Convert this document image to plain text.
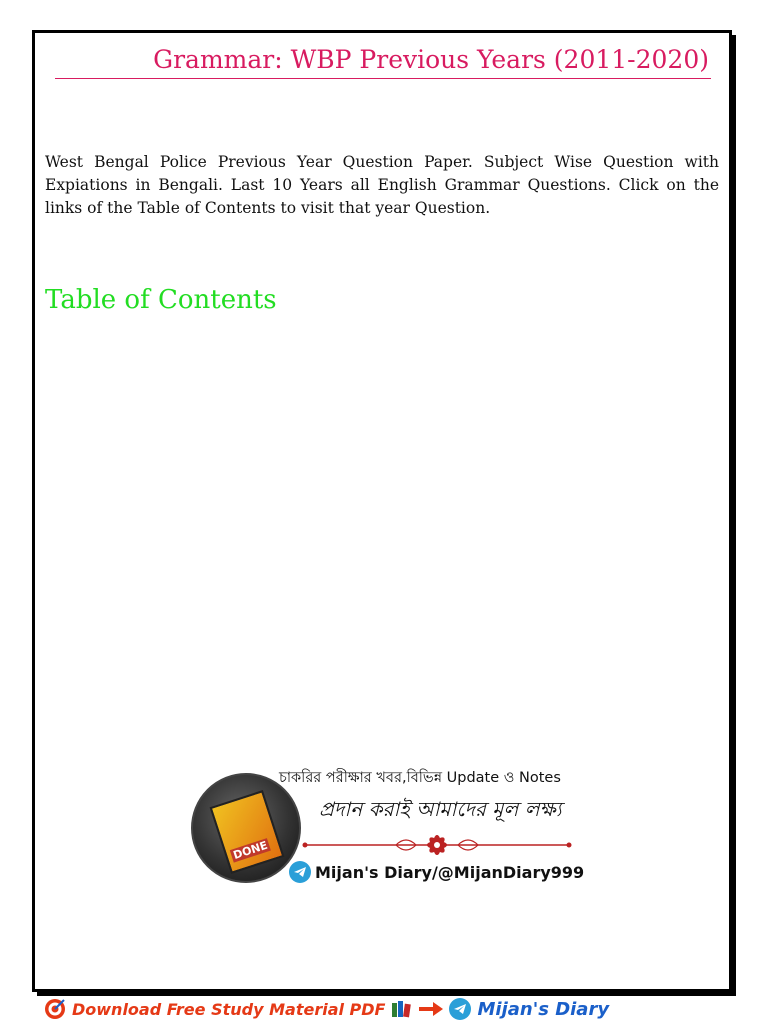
Grammar: WBP Previous Years (2011-2020)
West Bengal Police Previous Year Question Paper. Subject Wise Question with Expiations in Bengali. Last 10 Years all English Grammar Questions. Click on the links of the Table of Contents to visit that year Question.
Table of Contents
DONE
চাকরির পরীক্ষার খবর,বিভিন্ন Update ও Notes
প্রদান করাই আমাদের মূল লক্ষ্য
Mijan's Diary/@MijanDiary999
Download Free Study Material PDF	Mijan's Diary
